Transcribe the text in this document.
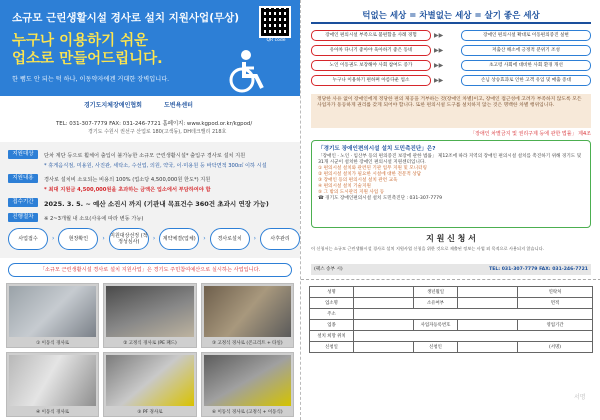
소규모 근린생활시설 경사로 설치 지원사업(무상)
누구나 이용하기 쉬운
업소로 만들어드립니다.
한 뼘도 안 되는 턱 하나, 이동약자에겐 거대한 장벽입니다.
QR code
경기도지체장애인협회	도변욕센터
TEL: 031-307-7779 FAX: 031-246-7721 홈페이지: www.kgpod.or.kr/kgpod/
경기도 수원시 권선구 산업로 180(고색동), DH테크밸리 218호
지원대상	단차 계단 등으로 휠체어 출입이 불가능한 소규모 근린생활시설* 출입구 경사로 설치 지원
* 휴게음식점, 미용원, 사진관, 세탁소, 수선업, 의원, 약국, 이·미용원 등 바닥면적 300㎡ 이하 시설
지원내용	경사로 설치비 소요되는 비용의 100% (업소당 4,500,000원 한도*) 지원
* 최대 지원금 4,500,000원을 초과하는 금액은 업소에서 부담하여야 함
접수기간	2025. 3. 5. ~ 예산 소진시 까지 (기관내 목표건수 360건 초과시 연장 가능)
진행절차	※ 2~3개월 내 소요(사유에 따라 변동 가능)
사업접수	›	현장확인	› 지원대상선정 (적정성심사)	›	계약체결(업체)	›	경사로설치	›	사후관리
「소규모 근린생활시설 경사로 설치 지원사업」은 경기도 주민참여예산으로 실시하는 사업입니다.
① 이동식 경사로	② 고정식 경사로 (PE 패드)	③ 고정식 경사로 (콘크리트 + 타일)
④ 이동식 경사로	⑤ PF 경사로	⑥ 이동식 경사로 (고정식 + 이동식)
턱없는 세상 = 차별없는 세상 = 살기 좋은 세상
장애인 편의시설 부족으로 불편함을 사례 경험	▶▶	장애인 편의시설 확대로 이동편의증진 실현
유아차 다니기 좋아야 육아하기 좋은 동네	▶▶	저출산 해소에 긍정적 분위기 조성
노인 이동권도 보장해야 사회 참여도 증가	▶▶	초고령 사회에 대비한 사회 환경 개선
누구나 이용하기 편하며 아름다운 업소	▶▶	손님 상승효과로 인한 고객 유입 및 매출 증대
정당한 사유 없이 장애인에게 정당한 편의 제공을 거부하는 것(장애인 차별)이고, 장애인 접근성에 고려가 부족하지 않도록 모든 사업자가 동등하게 권리를 갖게 되어야 합니다. 또한 편의시설 도구를 설치하지 않는 것은 명백한 차별 행위입니다.
「장애인 차별금지 및 권리구제 등에 관한 법률」 제4조
「경기도 장애인편의시설 설치 도민촉진단」은?
「장애인 · 노인 · 임산부 등의 편의증진 보장에 관한 법률」 제12조에 따라 지역의 장애인 편의시설 설치를 촉진하기 위해 경기도 및 31개 시군이 설치한 장애인 편의시설 지원센터입니다.
① 편의시설 설치와 관련된 기관 업무 지원 및 모니터링
② 편의시설 설치가 필요한 시설에 대한 전문적 상담
③ 장애인 등의 편의시설 설치 관련 교육
④ 편의시설 설치 기술지원
⑤ 그 밖의 도시관리 지원 사업 등
☎ 경기도 장애인편의시설 설치 도민촉진단 : 031-307-7779
지 원 신 청 서
이 신청서는 소규모 근린생활시설 경사로 설치 지원사업 신청을 위한 것으로 제출된 정보는 사업 외 목적으로 사용되지 않습니다.
(팩스 송부 시)	TEL: 031-307-7779 FAX: 031-246-7721
성명		생년월일		연락처
업소명		소유여부		면적
주소				
업종		사업자등록번호		영업기간
설치 희망 위치				
신청일		신청인		(서명)
서명
